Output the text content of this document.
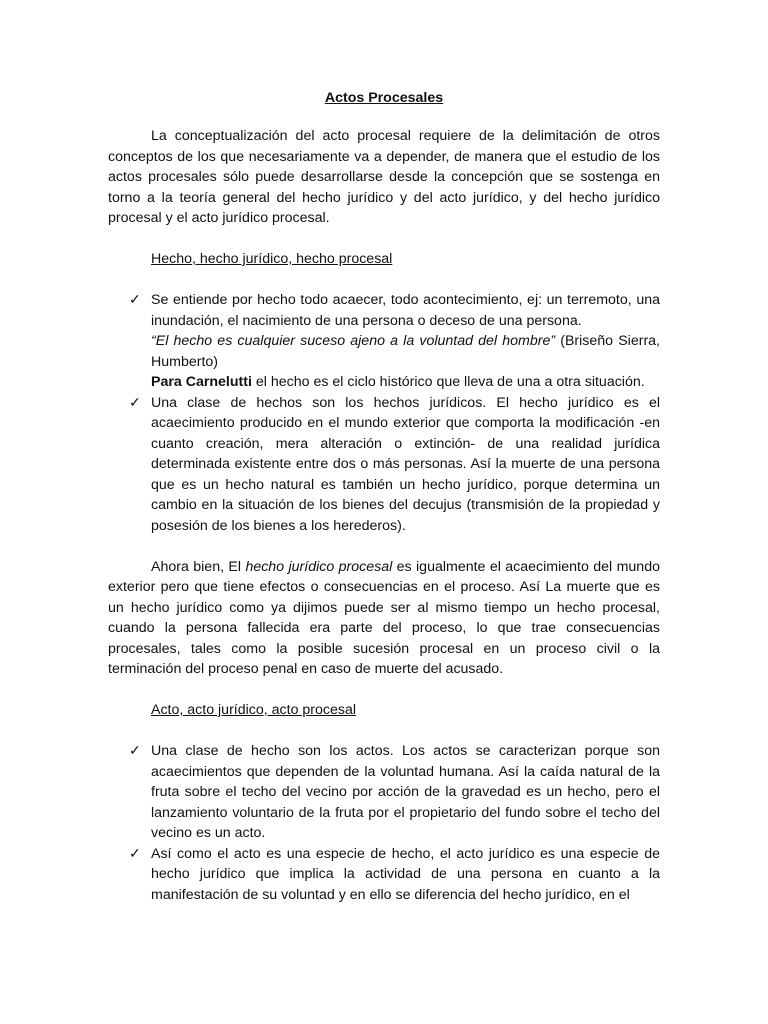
Actos Procesales

La conceptualización del acto procesal requiere de la delimitación de otros conceptos de los que necesariamente va a depender, de manera que el estudio de los actos procesales sólo puede desarrollarse desde la concepción que se sostenga en torno a la teoría general del hecho jurídico y del acto jurídico, y del hecho jurídico procesal y el acto jurídico procesal.

Hecho, hecho jurídico, hecho procesal
✓ Se entiende por hecho todo acaecer, todo acontecimiento, ej: un terremoto, una inundación, el nacimiento de una persona o deceso de una persona.

“El hecho es cualquier suceso ajeno a la voluntad del hombre” (Briseño Sierra, Humberto)

Para Carnelutti el hecho es el ciclo histórico que lleva de una a otra situación.

✓ Una clase de hechos son los hechos jurídicos. El hecho jurídico es el acaecimiento producido en el mundo exterior que comporta la modificación -en cuanto creación, mera alteración o extinción- de una realidad jurídica determinada existente entre dos o más personas. Así la muerte de una persona que es un hecho natural es también un hecho jurídico, porque determina un cambio en la situación de los bienes del decujus (transmisión de la propiedad y posesión de los bienes a los herederos).

Ahora bien, El hecho jurídico procesal es igualmente el acaecimiento del mundo exterior pero que tiene efectos o consecuencias en el proceso. Así La muerte que es un hecho jurídico como ya dijimos puede ser al mismo tiempo un hecho procesal, cuando la persona fallecida era parte del proceso, lo que trae consecuencias procesales, tales como la posible sucesión procesal en un proceso civil o la terminación del proceso penal en caso de muerte del acusado.

Acto, acto jurídico, acto procesal
✓ Una clase de hecho son los actos. Los actos se caracterizan porque son acaecimientos que dependen de la voluntad humana. Así la caída natural de la fruta sobre el techo del vecino por acción de la gravedad es un hecho, pero el lanzamiento voluntario de la fruta por el propietario del fundo sobre el techo del vecino es un acto.

✓ Así como el acto es una especie de hecho, el acto jurídico es una especie de hecho jurídico que implica la actividad de una persona en cuanto a la manifestación de su voluntad y en ello se diferencia del hecho jurídico, en el
